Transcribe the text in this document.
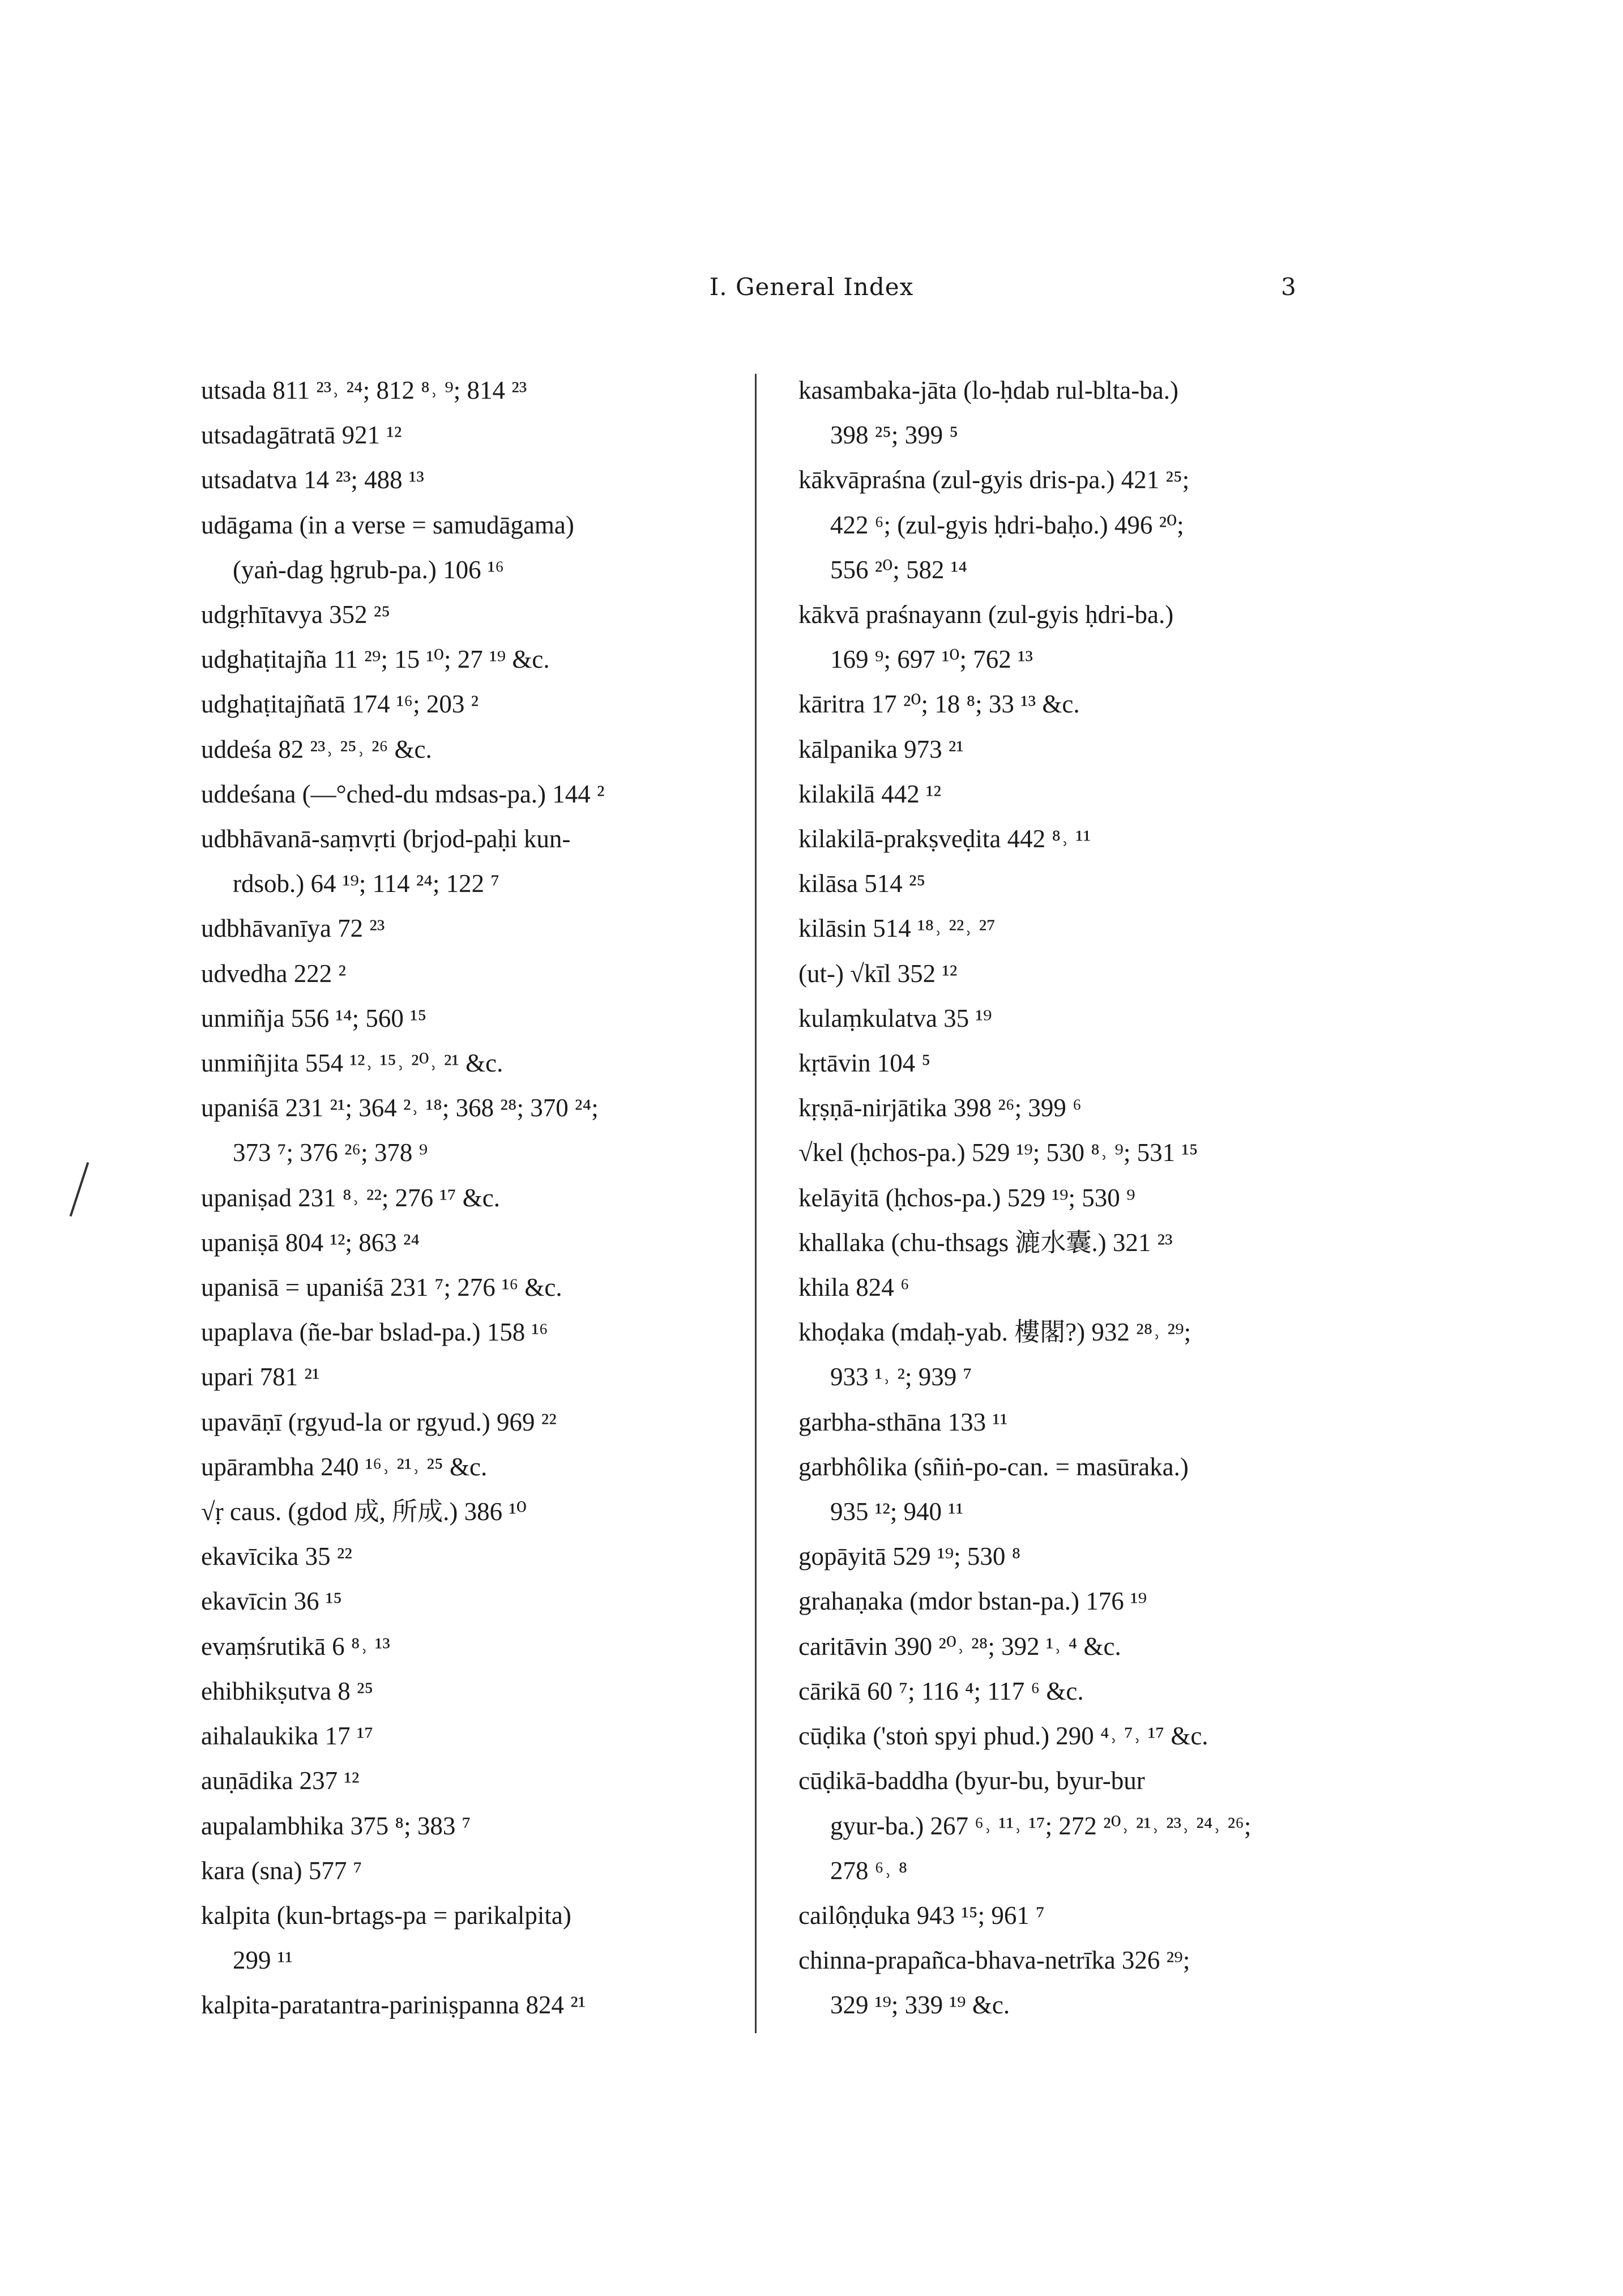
I. General Index	3
utsada 811 ²³˒ ²⁴; 812 ⁸˒ ⁹; 814 ²³
utsadagātratā 921 ¹²
utsadatva 14 ²³; 488 ¹³
udāgama (in a verse = samudāgama)
(yaṅ-dag ḥgrub-pa.) 106 ¹⁶
udgṛhītavya 352 ²⁵
udghaṭitajña 11 ²⁹; 15 ¹⁰; 27 ¹⁹ &c.
udghaṭitajñatā 174 ¹⁶; 203 ²
uddeśa 82 ²³˒ ²⁵˒ ²⁶ &c.
uddeśana (—°ched-du mdsas-pa.) 144 ²
udbhāvanā-saṃvṛti (brjod-paḥi kun-
rdsob.) 64 ¹⁹; 114 ²⁴; 122 ⁷
udbhāvanīya 72 ²³
udvedha 222 ²
unmiñja 556 ¹⁴; 560 ¹⁵
unmiñjita 554 ¹²˒ ¹⁵˒ ²⁰˒ ²¹ &c.
upaniśā 231 ²¹; 364 ²˒ ¹⁸; 368 ²⁸; 370 ²⁴;
373 ⁷; 376 ²⁶; 378 ⁹
upaniṣad 231 ⁸˒ ²²; 276 ¹⁷ &c.
upaniṣā 804 ¹²; 863 ²⁴
upanisā = upaniśā 231 ⁷; 276 ¹⁶ &c.
upaplava (ñe-bar bslad-pa.) 158 ¹⁶
upari 781 ²¹
upavāṇī (rgyud-la or rgyud.) 969 ²²
upārambha 240 ¹⁶˒ ²¹˒ ²⁵ &c.
√ṛ caus. (gdod 成, 所成.) 386 ¹⁰
ekavīcika 35 ²²
ekavīcin 36 ¹⁵
evaṃśrutikā 6 ⁸˒ ¹³
ehibhikṣutva 8 ²⁵
aihalaukika 17 ¹⁷
auṇādika 237 ¹²
aupalambhika 375 ⁸; 383 ⁷
kara (sna) 577 ⁷
kalpita (kun-brtags-pa = parikalpita)
299 ¹¹
kalpita-paratantra-pariniṣpanna 824 ²¹
kasambaka-jāta (lo-ḥdab rul-blta-ba.)
398 ²⁵; 399 ⁵
kākvāpraśna (zul-gyis dris-pa.) 421 ²⁵;
422 ⁶; (zul-gyis ḥdri-baḥo.) 496 ²⁰;
556 ²⁰; 582 ¹⁴
kākvā praśnayann (zul-gyis ḥdri-ba.)
169 ⁹; 697 ¹⁰; 762 ¹³
kāritra 17 ²⁰; 18 ⁸; 33 ¹³ &c.
kālpanika 973 ²¹
kilakilā 442 ¹²
kilakilā-prakṣveḍita 442 ⁸˒ ¹¹
kilāsa 514 ²⁵
kilāsin 514 ¹⁸˒ ²²˒ ²⁷
(ut-) √kīl 352 ¹²
kulaṃkulatva 35 ¹⁹
kṛtāvin 104 ⁵
kṛṣṇā-nirjātika 398 ²⁶; 399 ⁶
√kel (ḥchos-pa.) 529 ¹⁹; 530 ⁸˒ ⁹; 531 ¹⁵
kelāyitā (ḥchos-pa.) 529 ¹⁹; 530 ⁹
khallaka (chu-thsags 漉水囊.) 321 ²³
khila 824 ⁶
khoḍaka (mdaḥ-yab. 樓閣?) 932 ²⁸˒ ²⁹;
933 ¹˒ ²; 939 ⁷
garbha-sthāna 133 ¹¹
garbhôlika (sñiṅ-po-can. = masūraka.)
935 ¹²; 940 ¹¹
gopāyitā 529 ¹⁹; 530 ⁸
grahaṇaka (mdor bstan-pa.) 176 ¹⁹
caritāvin 390 ²⁰˒ ²⁸; 392 ¹˒ ⁴ &c.
cārikā 60 ⁷; 116 ⁴; 117 ⁶ &c.
cūḍika ('stoṅ spyi phud.) 290 ⁴˒ ⁷˒ ¹⁷ &c.
cūḍikā-baddha (byur-bu, byur-bur
gyur-ba.) 267 ⁶˒ ¹¹˒ ¹⁷; 272 ²⁰˒ ²¹˒ ²³˒ ²⁴˒ ²⁶;
278 ⁶˒ ⁸
cailôṇḍuka 943 ¹⁵; 961 ⁷
chinna-prapañca-bhava-netrīka 326 ²⁹;
329 ¹⁹; 339 ¹⁹ &c.
